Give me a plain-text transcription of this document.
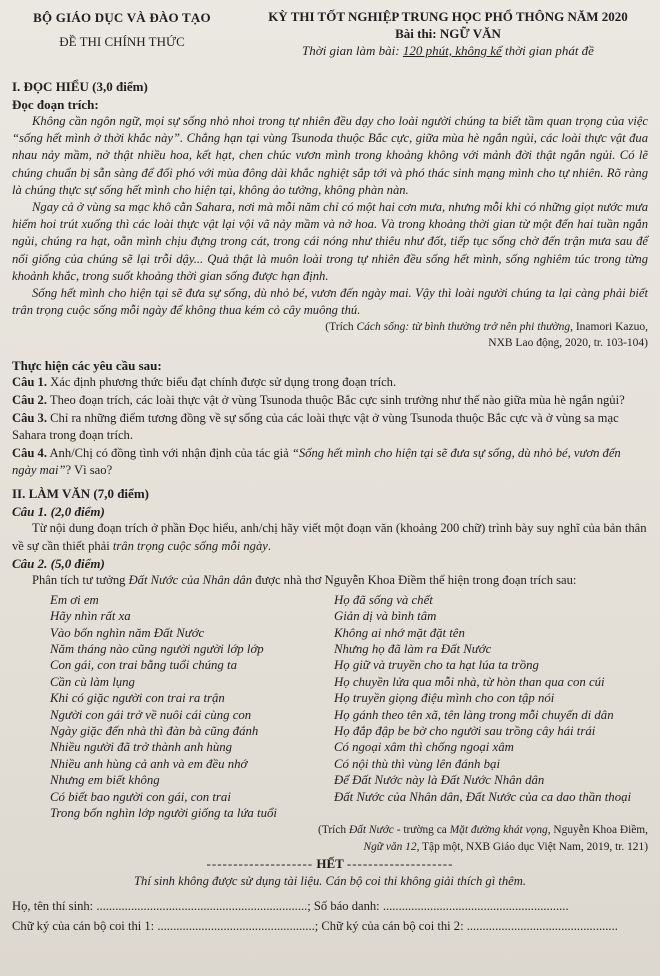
BỘ GIÁO DỤC VÀ ĐÀO TẠO
ĐỀ THI CHÍNH THỨC
KỲ THI TỐT NGHIỆP TRUNG HỌC PHỔ THÔNG NĂM 2020
Bài thi: NGỮ VĂN
Thời gian làm bài: 120 phút, không kể thời gian phát đề

I. ĐỌC HIỂU (3,0 điểm)

Đọc đoạn trích:

Không cần ngôn ngữ, mọi sự sống nhỏ nhoi trong tự nhiên đều dạy cho loài người chúng ta biết tầm quan trọng của việc “sống hết mình ở thời khắc này”. Chẳng hạn tại vùng Tsunoda thuộc Bắc cực, giữa mùa hè ngắn ngủi, các loài thực vật đua nhau nảy mầm, nở thật nhiều hoa, kết hạt, chen chúc vươn mình trong khoảng không với mảnh đời thật ngắn ngủi. Có lẽ chúng chuẩn bị sẵn sàng để đối phó với mùa đông dài khắc nghiệt sắp tới và phó thác sinh mạng mình cho tự nhiên. Rõ ràng là chúng thực sự sống hết mình cho hiện tại, không ảo tưởng, không phàn nàn.

Ngay cả ở vùng sa mạc khô cằn Sahara, nơi mà mỗi năm chỉ có một hai cơn mưa, nhưng mỗi khi có những giọt nước mưa hiếm hoi trút xuống thì các loài thực vật lại vội vã nảy mầm và nở hoa. Và trong khoảng thời gian từ một đến hai tuần ngắn ngủi, chúng ra hạt, oằn mình chịu đựng trong cát, trong cái nóng như thiêu như đốt, tiếp tục sống chờ đến trận mưa sau để nối giống của chúng sẽ lại trỗi dậy... Quả thật là muôn loài trong tự nhiên đều sống hết mình, sống nghiêm túc trong từng khoảnh khắc, trong suốt khoảng thời gian sống được hạn định.

Sống hết mình cho hiện tại sẽ đưa sự sống, dù nhỏ bé, vươn đến ngày mai. Vậy thì loài người chúng ta lại càng phải biết trân trọng cuộc sống mỗi ngày để không thua kém cỏ cây muông thú.

(Trích Cách sống: từ bình thường trở nên phi thường, Inamori Kazuo,

NXB Lao động, 2020, tr. 103-104)

Thực hiện các yêu cầu sau:

Câu 1. Xác định phương thức biểu đạt chính được sử dụng trong đoạn trích.

Câu 2. Theo đoạn trích, các loài thực vật ở vùng Tsunoda thuộc Bắc cực sinh trưởng như thế nào giữa mùa hè ngắn ngủi?

Câu 3. Chỉ ra những điểm tương đồng về sự sống của các loài thực vật ở vùng Tsunoda thuộc Bắc cực và ở vùng sa mạc Sahara trong đoạn trích.

Câu 4. Anh/Chị có đồng tình với nhận định của tác giả “Sống hết mình cho hiện tại sẽ đưa sự sống, dù nhỏ bé, vươn đến ngày mai”? Vì sao?

II. LÀM VĂN (7,0 điểm)

Câu 1. (2,0 điểm)

Từ nội dung đoạn trích ở phần Đọc hiểu, anh/chị hãy viết một đoạn văn (khoảng 200 chữ) trình bày suy nghĩ của bản thân về sự cần thiết phải trân trọng cuộc sống mỗi ngày.

Câu 2. (5,0 điểm)

Phân tích tư tưởng Đất Nước của Nhân dân được nhà thơ Nguyễn Khoa Điềm thể hiện trong đoạn trích sau:

Em ơi em
Hãy nhìn rất xa
Vào bốn nghìn năm Đất Nước
Năm tháng nào cũng người người lớp lớp
Con gái, con trai bằng tuổi chúng ta
Cần cù làm lụng
Khi có giặc người con trai ra trận
Người con gái trở về nuôi cái cùng con
Ngày giặc đến nhà thì đàn bà cũng đánh
Nhiều người đã trở thành anh hùng
Nhiều anh hùng cả anh và em đều nhớ
Nhưng em biết không
Có biết bao người con gái, con trai
Trong bốn nghìn lớp người giống ta lứa tuổi
Họ đã sống và chết
Giản dị và bình tâm
Không ai nhớ mặt đặt tên
Nhưng họ đã làm ra Đất Nước
Họ giữ và truyền cho ta hạt lúa ta trồng
Họ chuyền lửa qua mỗi nhà, từ hòn than qua con cúi
Họ truyền giọng điệu mình cho con tập nói
Họ gánh theo tên xã, tên làng trong mỗi chuyến di dân
Họ đắp đập be bờ cho người sau trồng cây hái trái
Có ngoại xâm thì chống ngoại xâm
Có nội thù thì vùng lên đánh bại
Để Đất Nước này là Đất Nước Nhân dân
Đất Nước của Nhân dân, Đất Nước của ca dao thần thoại

(Trích Đất Nước - trường ca Mặt đường khát vọng, Nguyễn Khoa Điềm,

Ngữ văn 12, Tập một, NXB Giáo dục Việt Nam, 2019, tr. 121)

-------------------- HẾT --------------------

Thí sinh không được sử dụng tài liệu. Cán bộ coi thi không giải thích gì thêm.

Họ, tên thí sinh: ...................................................................; Số báo danh: ...........................................................
Chữ ký của cán bộ coi thi 1: ..................................................; Chữ ký của cán bộ coi thi 2: ................................................
